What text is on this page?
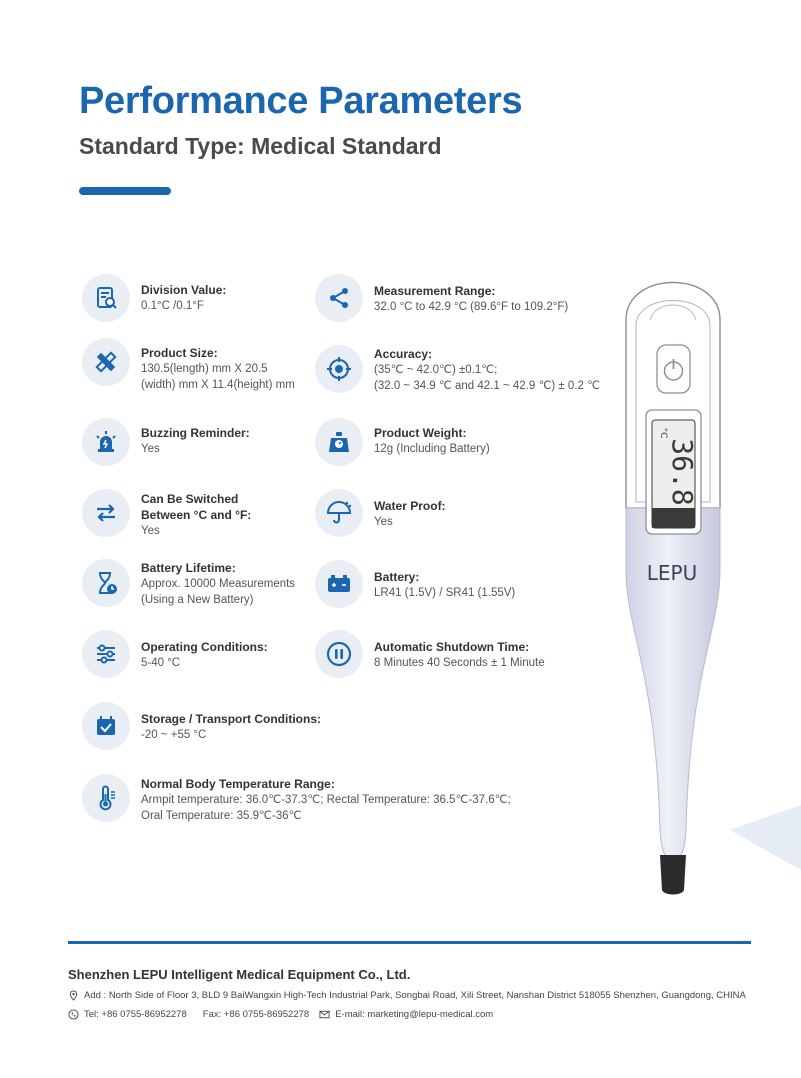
Performance Parameters
Standard Type: Medical Standard
Division Value:
0.1°C /0.1°F
Product Size:
130.5(length) mm X 20.5
(width) mm X 11.4(height) mm
Buzzing Reminder:
Yes
Can Be Switched
Between °C and °F:
Yes
Battery Lifetime:
Approx. 10000 Measurements
(Using a New Battery)
Operating Conditions:
5-40 °C
Storage / Transport Conditions:
-20 ~ +55 °C
Normal Body Temperature Range:
Armpit temperature: 36.0℃-37.3℃; Rectal Temperature: 36.5℃-37.6℃;
Oral Temperature: 35.9℃-36℃
Measurement Range:
32.0 °C to 42.9 °C (89.6°F to 109.2°F)
Accuracy:
(35℃ ~ 42.0℃) ±0.1℃;
(32.0 ~ 34.9 ℃ and 42.1 ~ 42.9 ℃) ± 0.2 ℃
Product Weight:
12g (Including Battery)
Water Proof:
Yes
Battery:
LR41 (1.5V) / SR41 (1.55V)
Automatic Shutdown Time:
8 Minutes 40 Seconds ± 1 Minute
36.8
°C
LEPU
Shenzhen LEPU Intelligent Medical Equipment Co., Ltd.
Add : North Side of Floor 3, BLD 9 BaiWangxin High-Tech Industrial Park, Songbai Road, Xili Street, Nanshan District 518055 Shenzhen, Guangdong, CHINA
Tel: +86 0755-86952278 Fax: +86 0755-86952278	E-mail: marketing@lepu-medical.com
